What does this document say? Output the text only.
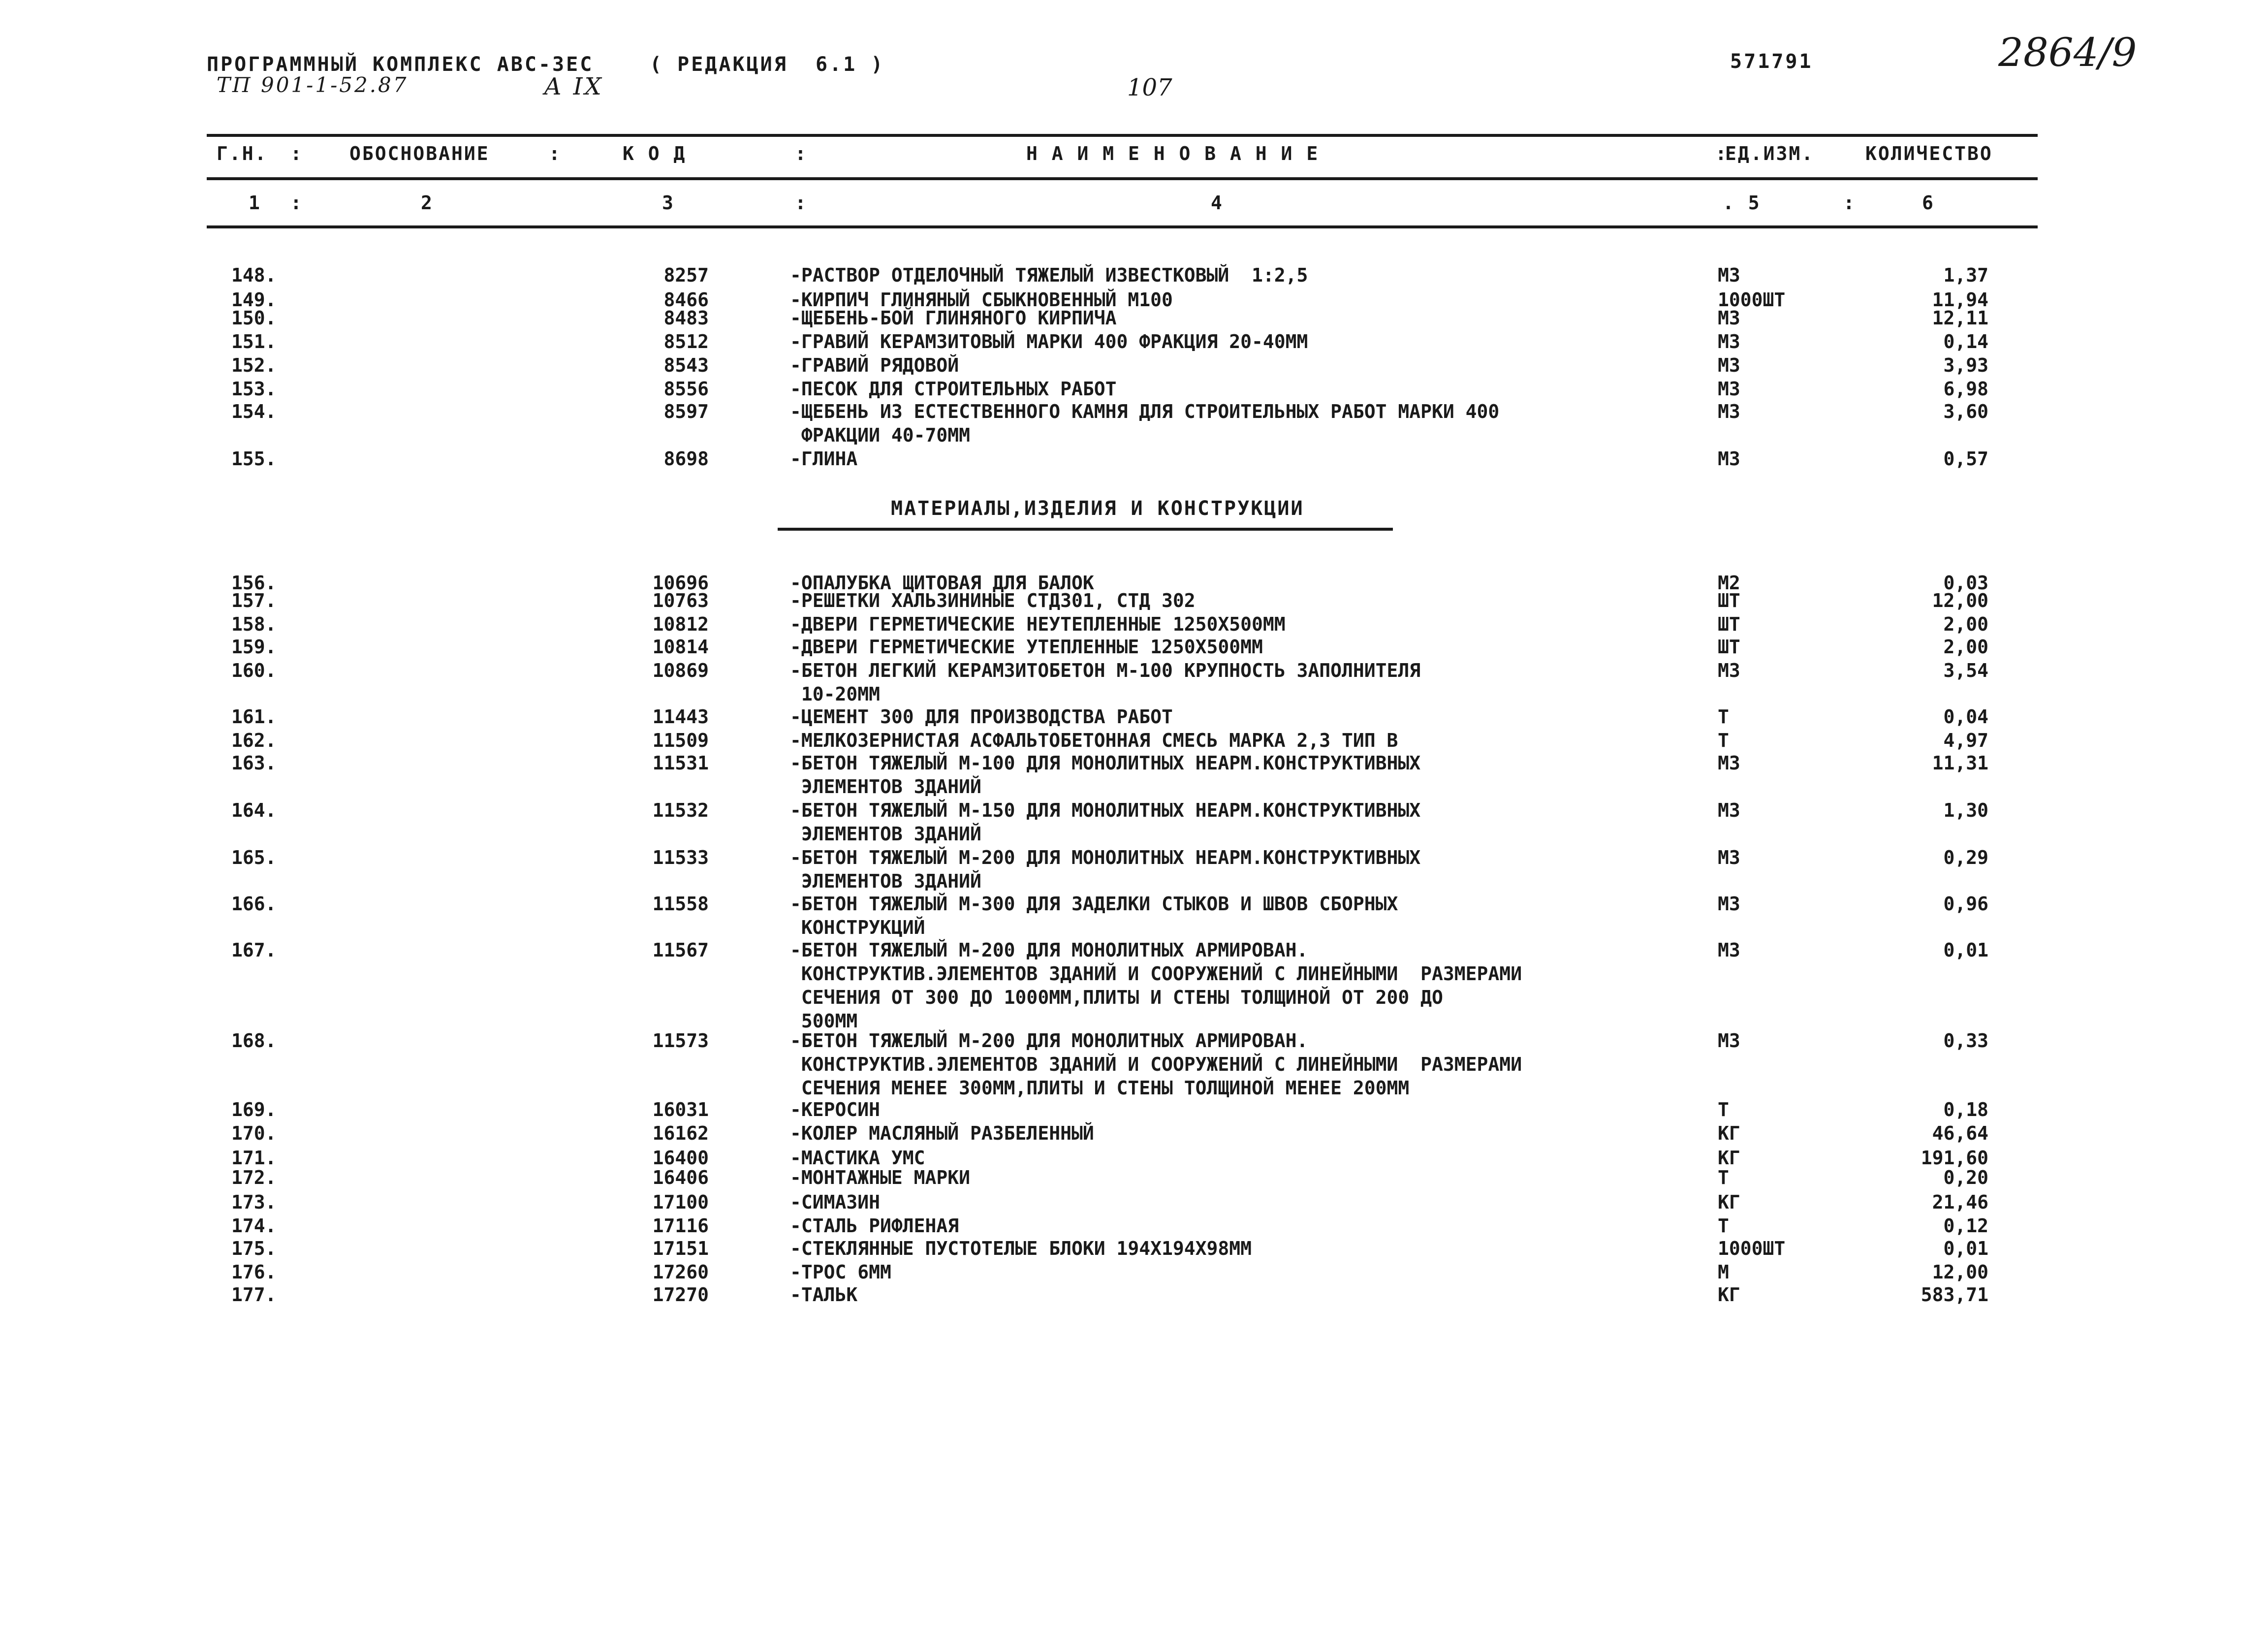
ПРОГРАММНЫЙ КОМПЛЕКС АВС-3ЕС	( РЕДАКЦИЯ  6.1 )
ТП 901-1-52.87	А IX	107
571791	2864/9
Г.Н. : ОБОСНОВАНИЕ	:	К О Д	:	Н А И М Е Н О В А Н И Е	:
ЕД.ИЗМ.	КОЛИЧЕСТВО
1 :	2	3	:	4	. 5	:	6
МАТЕРИАЛЫ,ИЗДЕЛИЯ И КОНСТРУКЦИИ
148.	8257	-РАСТВОР ОТДЕЛОЧНЫЙ ТЯЖЕЛЫЙ ИЗВЕСТКОВЫЙ  1:2,5	М3	1,37
149.	8466	-КИРПИЧ ГЛИНЯНЫЙ СБЫКНОВЕННЫЙ М100	1000ШТ	11,94
150.	8483	-ЩЕБЕНЬ-БОЙ ГЛИНЯНОГО КИРПИЧА	М3	12,11
151.	8512	-ГРАВИЙ КЕРАМЗИТОВЫЙ МАРКИ 400 ФРАКЦИЯ 20-40ММ	М3	0,14
152.	8543	-ГРАВИЙ РЯДОВОЙ	М3	3,93
153.	8556	-ПЕСОК ДЛЯ СТРОИТЕЛЬНЫХ РАБОТ	М3	6,98
154.	8597	-ЩЕБЕНЬ ИЗ ЕСТЕСТВЕННОГО КАМНЯ ДЛЯ СТРОИТЕЛЬНЫХ РАБОТ МАРКИ 400
ФРАКЦИИ 40-70ММ
М3	3,60
155.	8698	-ГЛИНА	М3	0,57
156.	10696	-ОПАЛУБКА ЩИТОВАЯ ДЛЯ БАЛОК	М2	0,03
157.	10763	-РЕШЕТКИ ХАЛЬЗИНИНЫЕ СТД301, СТД 302	ШТ	12,00
158.	10812	-ДВЕРИ ГЕРМЕТИЧЕСКИЕ НЕУТЕПЛЕННЫЕ 1250Х500ММ	ШТ	2,00
159.	10814	-ДВЕРИ ГЕРМЕТИЧЕСКИЕ УТЕПЛЕННЫЕ 1250Х500ММ	ШТ	2,00
160.	10869	-БЕТОН ЛЕГКИЙ КЕРАМЗИТОБЕТОН М-100 КРУПНОСТЬ ЗАПОЛНИТЕЛЯ
10-20ММ
М3	3,54
161.	11443	-ЦЕМЕНТ 300 ДЛЯ ПРОИЗВОДСТВА РАБОТ	Т	0,04
162.	11509	-МЕЛКОЗЕРНИСТАЯ АСФАЛЬТОБЕТОННАЯ СМЕСЬ МАРКА 2,3 ТИП В	Т	4,97
163.	11531	-БЕТОН ТЯЖЕЛЫЙ М-100 ДЛЯ МОНОЛИТНЫХ НЕАРМ.КОНСТРУКТИВНЫХ
ЭЛЕМЕНТОВ ЗДАНИЙ
М3	11,31
164.	11532	-БЕТОН ТЯЖЕЛЫЙ М-150 ДЛЯ МОНОЛИТНЫХ НЕАРМ.КОНСТРУКТИВНЫХ
ЭЛЕМЕНТОВ ЗДАНИЙ
М3	1,30
165.	11533	-БЕТОН ТЯЖЕЛЫЙ М-200 ДЛЯ МОНОЛИТНЫХ НЕАРМ.КОНСТРУКТИВНЫХ
ЭЛЕМЕНТОВ ЗДАНИЙ
М3	0,29
166.	11558	-БЕТОН ТЯЖЕЛЫЙ М-300 ДЛЯ ЗАДЕЛКИ СТЫКОВ И ШВОВ СБОРНЫХ
КОНСТРУКЦИЙ
М3	0,96
167.	11567	-БЕТОН ТЯЖЕЛЫЙ М-200 ДЛЯ МОНОЛИТНЫХ АРМИРОВАН.
КОНСТРУКТИВ.ЭЛЕМЕНТОВ ЗДАНИЙ И СООРУЖЕНИЙ С ЛИНЕЙНЫМИ  РАЗМЕРАМИ
СЕЧЕНИЯ ОТ 300 ДО 1000ММ,ПЛИТЫ И СТЕНЫ ТОЛЩИНОЙ ОТ 200 ДО
500ММ
М3	0,01
168.	11573	-БЕТОН ТЯЖЕЛЫЙ М-200 ДЛЯ МОНОЛИТНЫХ АРМИРОВАН.
КОНСТРУКТИВ.ЭЛЕМЕНТОВ ЗДАНИЙ И СООРУЖЕНИЙ С ЛИНЕЙНЫМИ  РАЗМЕРАМИ
СЕЧЕНИЯ МЕНЕЕ 300ММ,ПЛИТЫ И СТЕНЫ ТОЛЩИНОЙ МЕНЕЕ 200ММ
М3	0,33
169.	16031	-КЕРОСИН	Т	0,18
170.	16162	-КОЛЕР МАСЛЯНЫЙ РАЗБЕЛЕННЫЙ	КГ	46,64
171.	16400	-МАСТИКА УМС	КГ	191,60
172.	16406	-МОНТАЖНЫЕ МАРКИ	Т	0,20
173.	17100	-СИМАЗИН	КГ	21,46
174.	17116	-СТАЛЬ РИФЛЕНАЯ	Т	0,12
175.	17151	-СТЕКЛЯННЫЕ ПУСТОТЕЛЫЕ БЛОКИ 194Х194Х98ММ	1000ШТ	0,01
176.	17260	-ТРОС 6ММ	М	12,00
177.	17270	-ТАЛЬК	КГ	583,71
